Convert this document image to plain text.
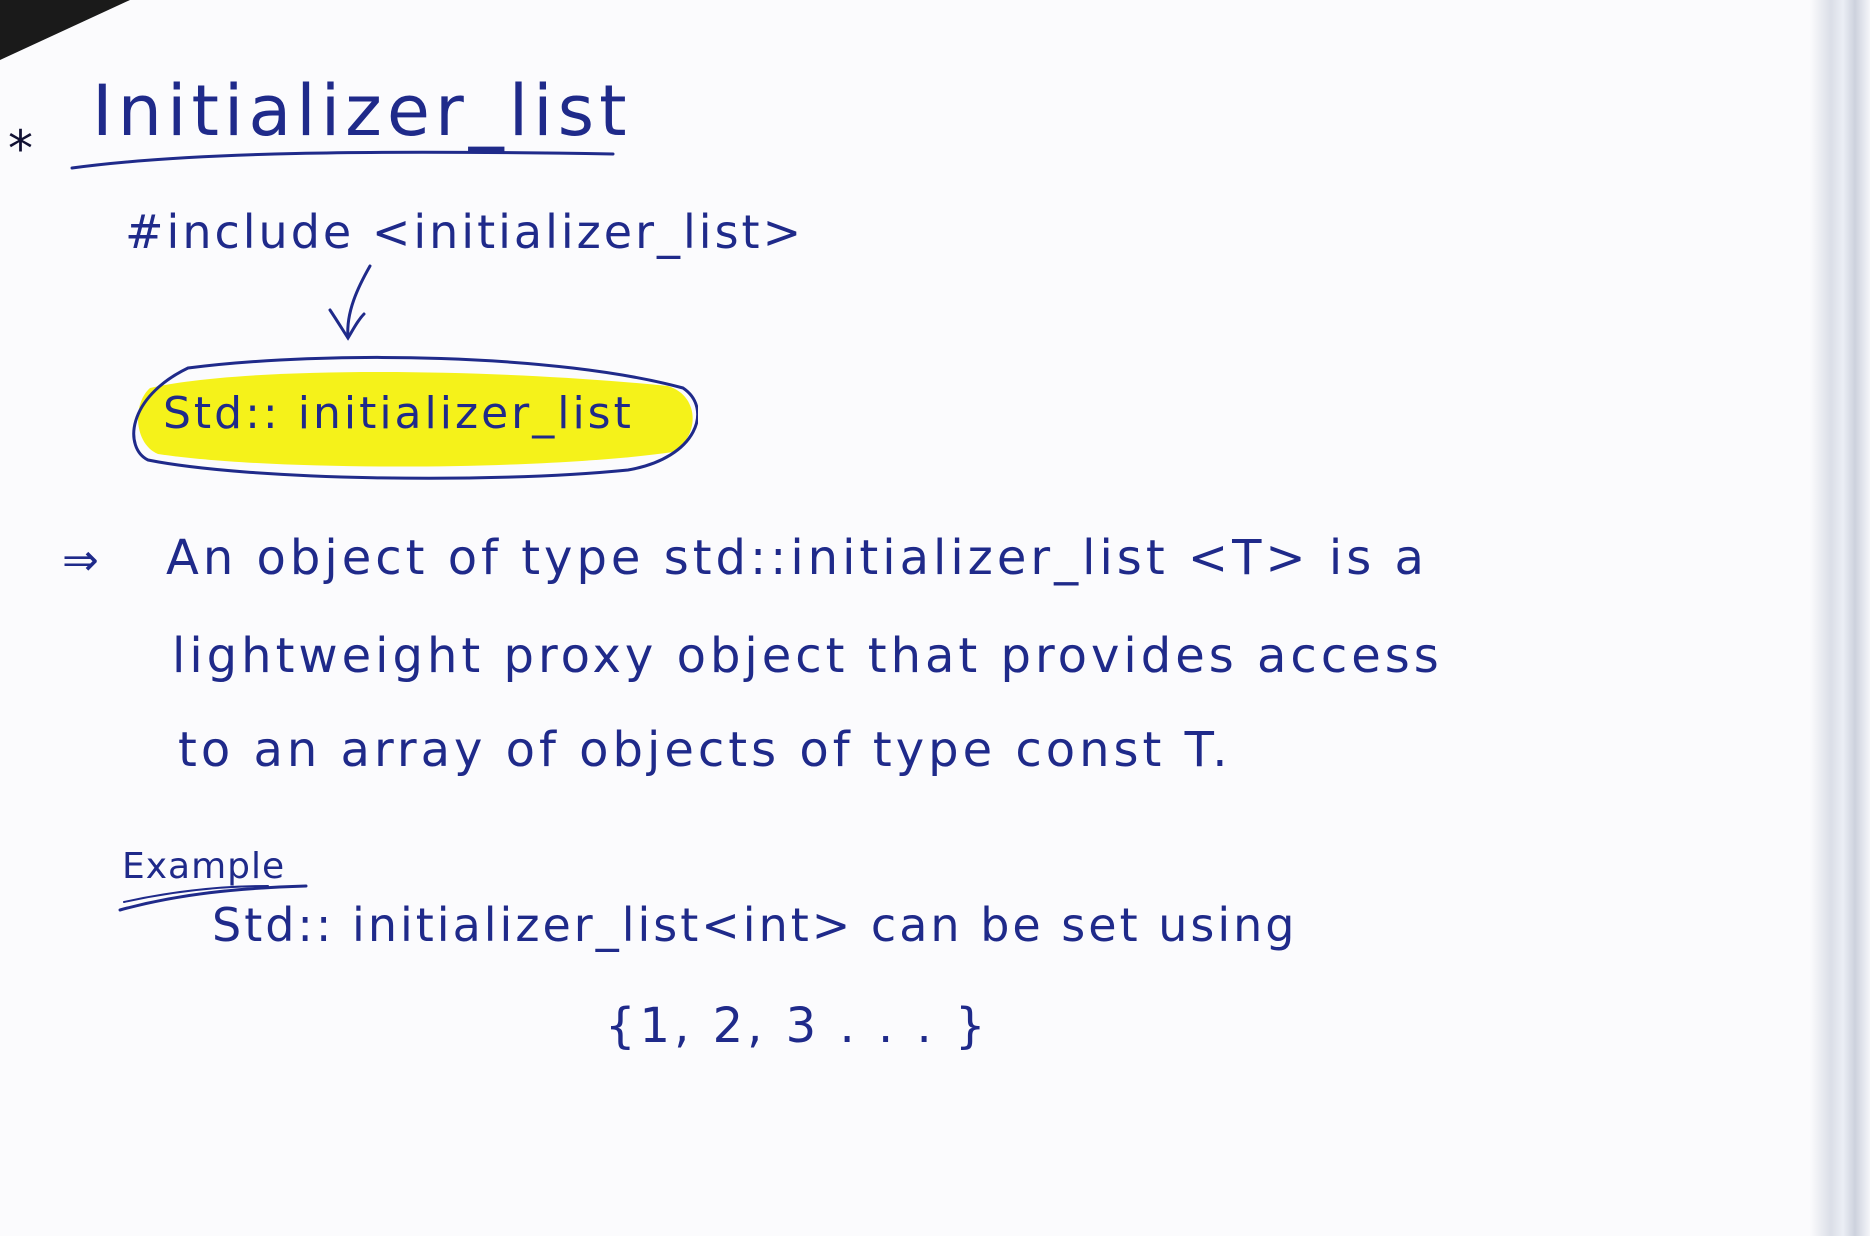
* Initializer_list
#include <initializer_list>
Std:: initializer_list
⇒ An object of type std::initializer_list <T> is a
lightweight proxy object that provides access
to an array of objects of type const T.
Example
Std:: initializer_list<int> can be set using
{1, 2, 3 . . . }
